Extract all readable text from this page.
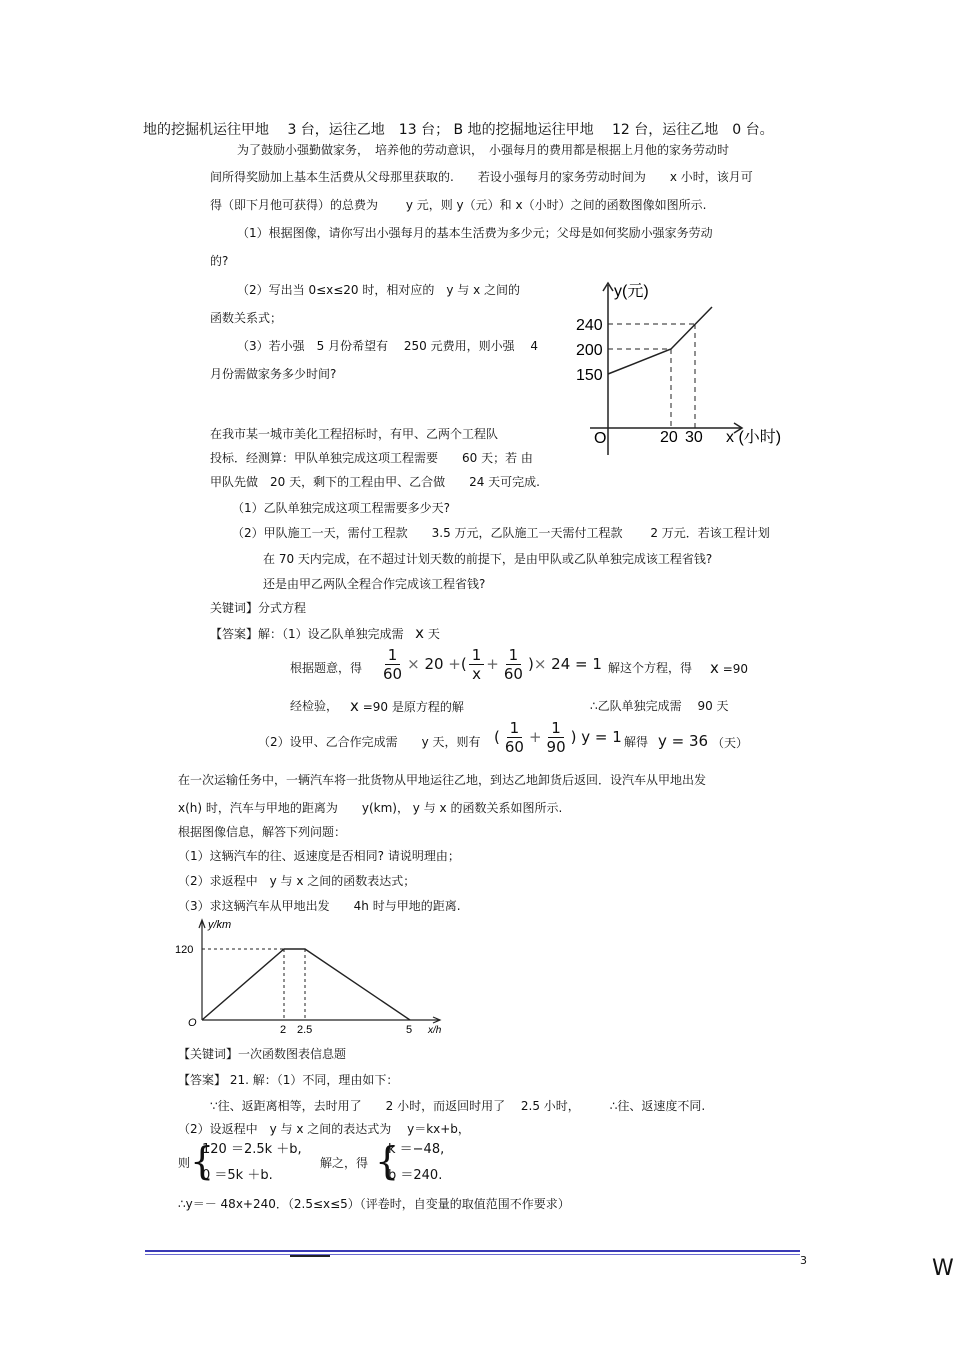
地的挖掘机运往甲地　 3 台，运往乙地　13 台； B 地的挖掘地运往甲地　 12 台，运往乙地　0 台。
为了鼓励小强勤做家务，　培养他的劳动意识，　小强每月的费用都是根据上月他的家务劳动时
间所得奖励加上基本生活费从父母那里获取的.　　若设小强每月的家务劳动时间为　　x 小时，该月可
得（即下月他可获得）的总费为　　 y 元，则 y（元）和 x（小时）之间的函数图像如图所示.
（1）根据图像，请你写出小强每月的基本生活费为多少元；父母是如何奖励小强家务劳动
的?
（2）写出当 0≤x≤20 时，相对应的　y 与 x 之间的
函数关系式；
（3）若小强　5 月份希望有　 250 元费用，则小强　 4
月份需做家务多少时间?
y(元)
x (小时)
O
240
200
150
20 30
在我市某一城市美化工程招标时，有甲、乙两个工程队
投标．经测算：甲队单独完成这项工程需要　　60 天；若 由
甲队先做　20 天，剩下的工程由甲、乙合做　　24 天可完成.
（1）乙队单独完成这项工程需要多少天?
（2）甲队施工一天，需付工程款　　3.5 万元，乙队施工一天需付工程款　　 2 万元．若该工程计划
在 70 天内完成，在不超过计划天数的前提下，是由甲队或乙队单独完成该工程省钱?
还是由甲乙两队全程合作完成该工程省钱?
关键词】分式方程
【答案】解：（1）设乙队单独完成需 x 天
根据题意，得 $\frac{1}{60} \times 20$ +( $\frac{1}{x} + \frac{1}{60}$ )× 24 = 1 解这个方程，得 x =90
经检验， x =90 是原方程的解	∴乙队单独完成需　 90 天
（2）设甲、乙合作完成需　　y 天，则有 ( $\frac{1}{60} + \frac{1}{90}$ ) y = 1 解得 y = 36 （天）
在一次运输任务中，一辆汽车将一批货物从甲地运往乙地，到达乙地卸货后返回．设汽车从甲地出发
x(h) 时，汽车与甲地的距离为　　y(km)， y 与 x 的函数关系如图所示.
根据图像信息，解答下列问题：
（1）这辆汽车的往、返速度是否相同? 请说明理由；
（2）求返程中　y 与 x 之间的函数表达式；
（3）求这辆汽车从甲地出发　　4h 时与甲地的距离.
y/km
x/h
O
120
2 2.5	5
【关键词】一次函数图表信息题
【答案】 21. 解：（1）不同，理由如下：
∵往、返距离相等，去时用了　　2 小时，而返回时用了　 2.5 小时，　　　∴往、返速度不同.
（2）设返程中　y 与 x 之间的表达式为　 y＝kx+b，
则 {
120 ＝2.5k ＋b,
0 ＝5k ＋b.
解之，得 {
k ＝−48,
b ＝240.
∴y＝－ 48x+240．（2.5≤x≤5）（评卷时，自变量的取值范围不作要求）
3	W
